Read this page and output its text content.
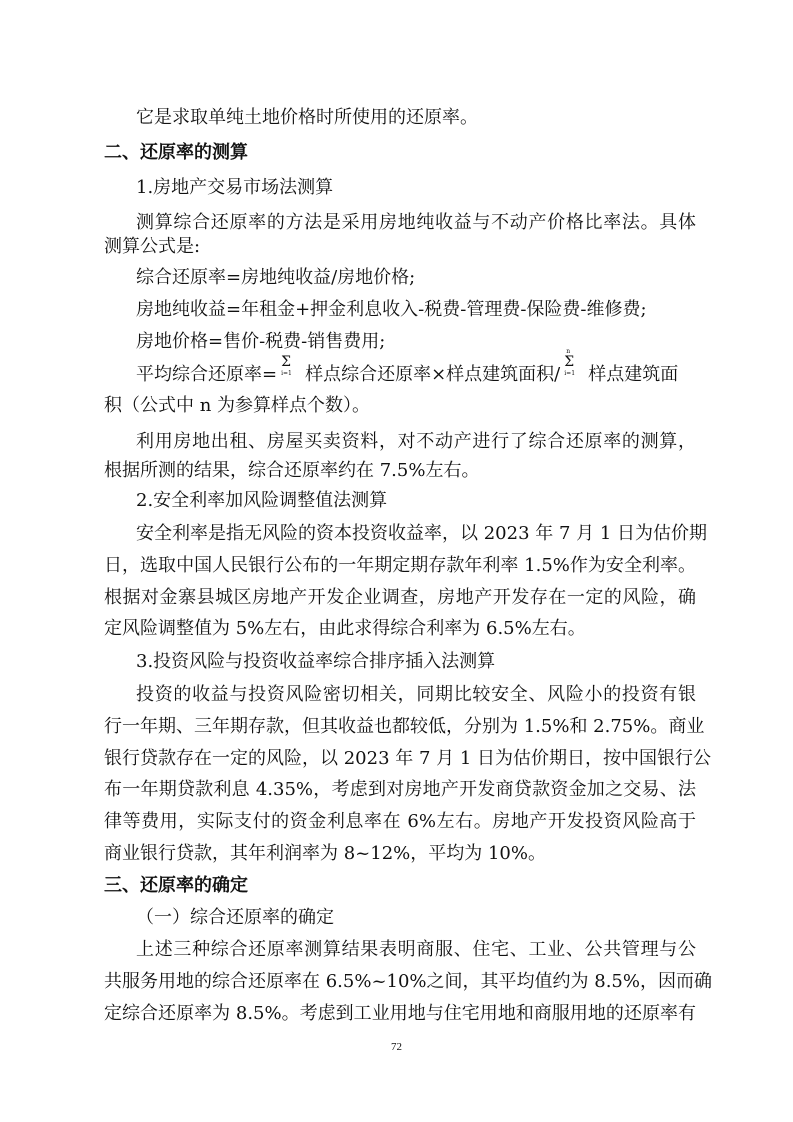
它是求取单纯土地价格时所使用的还原率。
二、还原率的测算
1.房地产交易市场法测算
测算综合还原率的方法是采用房地纯收益与不动产价格比率法。具体
测算公式是:
综合还原率=房地纯收益/房地价格;
房地纯收益=年租金+押金利息收入-税费-管理费-保险费-维修费;
房地价格=售价-税费-销售费用;
平均综合还原率=
Σ
i=1 样点综合还原率×样点建筑面积/
n
Σ
i=1 样点建筑面
积（公式中 n 为参算样点个数）。
利用房地出租、房屋买卖资料，对不动产进行了综合还原率的测算，
根据所测的结果，综合还原率约在 7.5%左右。
2.安全利率加风险调整值法测算
安全利率是指无风险的资本投资收益率，以 2023 年 7 月 1 日为估价期
日，选取中国人民银行公布的一年期定期存款年利率 1.5%作为安全利率。
根据对金寨县城区房地产开发企业调查，房地产开发存在一定的风险，确
定风险调整值为 5%左右，由此求得综合利率为 6.5%左右。
3.投资风险与投资收益率综合排序插入法测算
投资的收益与投资风险密切相关，同期比较安全、风险小的投资有银
行一年期、三年期存款，但其收益也都较低，分别为 1.5%和 2.75%。商业
银行贷款存在一定的风险，以 2023 年 7 月 1 日为估价期日，按中国银行公
布一年期贷款利息 4.35%，考虑到对房地产开发商贷款资金加之交易、法
律等费用，实际支付的资金利息率在 6%左右。房地产开发投资风险高于
商业银行贷款，其年利润率为 8~12%，平均为 10%。
三、还原率的确定
（一）综合还原率的确定
上述三种综合还原率测算结果表明商服、住宅、工业、公共管理与公
共服务用地的综合还原率在 6.5%~10%之间，其平均值约为 8.5%，因而确
定综合还原率为 8.5%。考虑到工业用地与住宅用地和商服用地的还原率有
72
